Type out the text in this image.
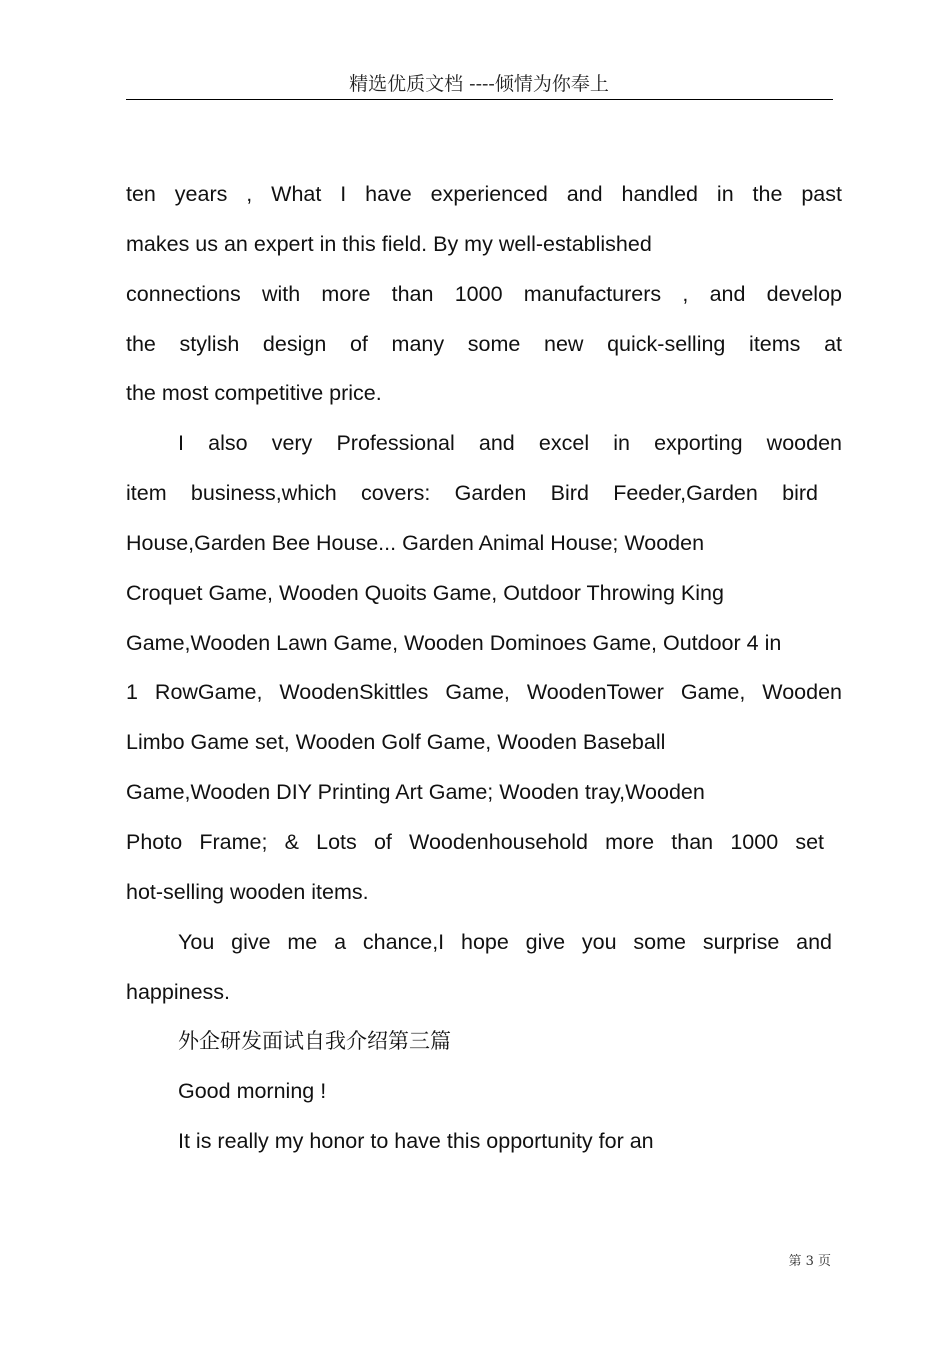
精选优质文档 ----倾情为你奉上
ten years , What I have experienced and handled in the past
makes us an expert in this field. By my well-established
connections with more than 1000 manufacturers , and develop
the stylish design of many some new quick-selling items at
the most competitive price.
I also very Professional and excel in exporting wooden
item business,which covers: Garden Bird Feeder,Garden bird
House,Garden Bee House... Garden Animal House; Wooden
Croquet Game, Wooden Quoits Game, Outdoor Throwing King
Game,Wooden Lawn Game, Wooden Dominoes Game, Outdoor 4 in
1 RowGame, WoodenSkittles Game, WoodenTower Game, Wooden
Limbo Game set, Wooden Golf Game, Wooden Baseball
Game,Wooden DIY Printing Art Game; Wooden tray,Wooden
Photo Frame; & Lots of Woodenhousehold more than 1000 set
hot-selling wooden items.
You give me a chance,I hope give you some surprise and
happiness.
外企研发面试自我介绍第三篇
Good morning !
It is really my honor to have this opportunity for an
第 3 页
